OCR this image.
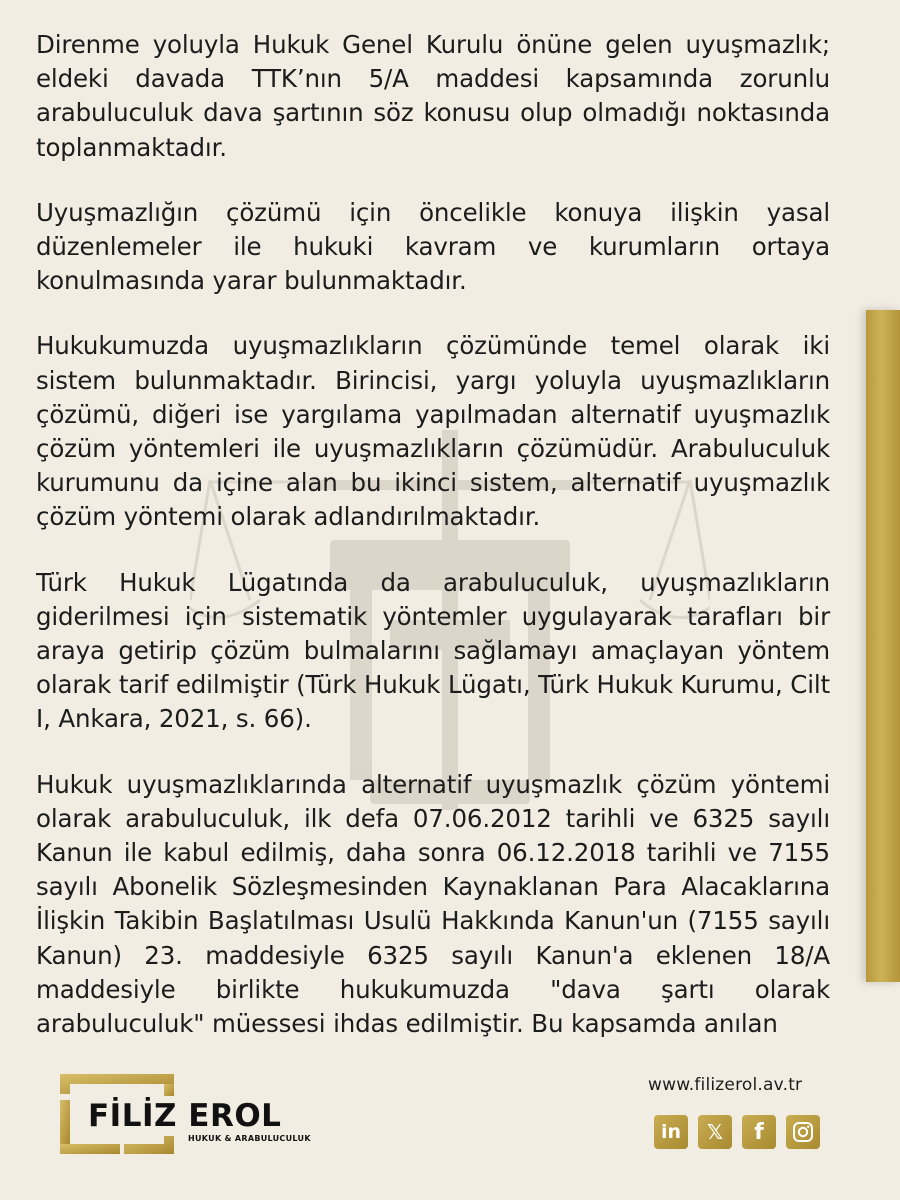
Direnme yoluyla Hukuk Genel Kurulu önüne gelen uyuşmazlık; eldeki davada TTK’nın 5/A maddesi kapsamında zorunlu arabuluculuk dava şartının söz konusu olup olmadığı noktasında toplanmaktadır.

Uyuşmazlığın çözümü için öncelikle konuya ilişkin yasal düzenlemeler ile hukuki kavram ve kurumların ortaya konulmasında yarar bulunmaktadır.

Hukukumuzda uyuşmazlıkların çözümünde temel olarak iki sistem bulunmaktadır. Birincisi, yargı yoluyla uyuşmazlıkların çözümü, diğeri ise yargılama yapılmadan alternatif uyuşmazlık çözüm yöntemleri ile uyuşmazlıkların çözümüdür. Arabuluculuk kurumunu da içine alan bu ikinci sistem, alternatif uyuşmazlık çözüm yöntemi olarak adlandırılmaktadır.

Türk Hukuk Lügatında da arabuluculuk, uyuşmazlıkların giderilmesi için sistematik yöntemler uygulayarak tarafları bir araya getirip çözüm bulmalarını sağlamayı amaçlayan yöntem olarak tarif edilmiştir (Türk Hukuk Lügatı, Türk Hukuk Kurumu, Cilt I, Ankara, 2021, s. 66).

Hukuk uyuşmazlıklarında alternatif uyuşmazlık çözüm yöntemi olarak arabuluculuk, ilk defa 07.06.2012 tarihli ve 6325 sayılı Kanun ile kabul edilmiş, daha sonra 06.12.2018 tarihli ve 7155 sayılı Abonelik Sözleşmesinden Kaynaklanan Para Alacaklarına İlişkin Takibin Başlatılması Usulü Hakkında Kanun'un (7155 sayılı Kanun) 23. maddesiyle 6325 sayılı Kanun'a eklenen 18/A maddesiyle birlikte hukukumuzda "dava şartı olarak arabuluculuk" müessesi ihdas edilmiştir. Bu kapsamda anılan

FİLİZ EROL
HUKUK & ARABULUCULUK
www.filizerol.av.tr
in 𝕏 f
